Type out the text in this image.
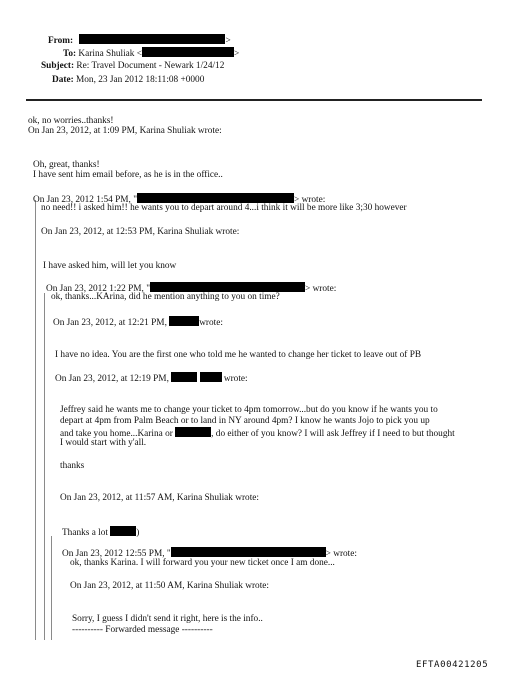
From:	>
To: Karina Shuliak <	>
Subject: Re: Travel Document - Newark 1/24/12
Date: Mon, 23 Jan 2012 18:11:08 +0000
ok, no worries..thanks!
On Jan 23, 2012, at 1:09 PM, Karina Shuliak wrote:
Oh, great, thanks!
I have sent him email before, as he is in the office..
On Jan 23, 2012 1:54 PM, "	> wrote:
no need!! i asked him!! he wants you to depart around 4...i think it will be more like 3;30 however
On Jan 23, 2012, at 12:53 PM, Karina Shuliak wrote:
I have asked him, will let you know
On Jan 23, 2012 1:22 PM, "	> wrote:
ok, thanks...KArina, did he mention anything to you on time?
On Jan 23, 2012, at 12:21 PM,	wrote:
I have no idea. You are the first one who told me he wanted to change her ticket to leave out of PB
On Jan 23, 2012, at 12:19 PM,	wrote:
Jeffrey said he wants me to change your ticket to 4pm tomorrow...but do you know if he wants you to
depart at 4pm from Palm Beach or to land in NY around 4pm? I know he wants Jojo to pick you up
and take you home...Karina or	, do either of you know? I will ask Jeffrey if I need to but thought
I would start with y'all.
thanks
On Jan 23, 2012, at 11:57 AM, Karina Shuliak wrote:
Thanks a lot	)
On Jan 23, 2012 12:55 PM, "	> wrote:
ok, thanks Karina. I will forward you your new ticket once I am done...
On Jan 23, 2012, at 11:50 AM, Karina Shuliak wrote:
Sorry, I guess I didn't send it right, here is the info..
---------- Forwarded message ----------
EFTA00421205
